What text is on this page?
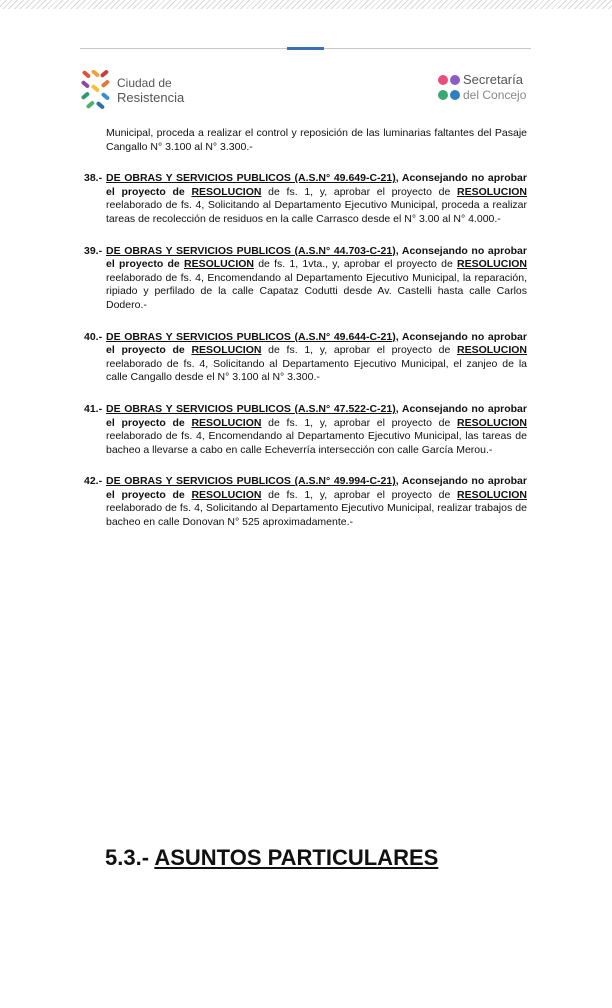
Ciudad de
Resistencia
Secretaría
del Concejo
Municipal, proceda a realizar el control y reposición de las luminarias faltantes del Pasaje Cangallo N° 3.100 al N° 3.300.-
38.- DE OBRAS Y SERVICIOS PUBLICOS (A.S.N° 49.649-C-21), Aconsejando no aprobar el proyecto de RESOLUCION de fs. 1, y, aprobar el proyecto de RESOLUCION reelaborado de fs. 4, Solicitando al Departamento Ejecutivo Municipal, proceda a realizar tareas de recolección de residuos en la calle Carrasco desde el N° 3.00 al N° 4.000.-
39.- DE OBRAS Y SERVICIOS PUBLICOS (A.S.N° 44.703-C-21), Aconsejando no aprobar el proyecto de RESOLUCION de fs. 1, 1vta., y, aprobar el proyecto de RESOLUCION reelaborado de fs. 4, Encomendando al Departamento Ejecutivo Municipal, la reparación, ripiado y perfilado de la calle Capataz Codutti desde Av. Castelli hasta calle Carlos Dodero.-
40.- DE OBRAS Y SERVICIOS PUBLICOS (A.S.N° 49.644-C-21), Aconsejando no aprobar el proyecto de RESOLUCION de fs. 1, y, aprobar el proyecto de RESOLUCION reelaborado de fs. 4, Solicitando al Departamento Ejecutivo Municipal, el zanjeo de la calle Cangallo desde el N° 3.100 al N° 3.300.-
41.- DE OBRAS Y SERVICIOS PUBLICOS (A.S.N° 47.522-C-21), Aconsejando no aprobar el proyecto de RESOLUCION de fs. 1, y, aprobar el proyecto de RESOLUCION reelaborado de fs. 4, Encomendando al Departamento Ejecutivo Municipal, las tareas de bacheo a llevarse a cabo en calle Echeverría intersección con calle García Merou.-
42.- DE OBRAS Y SERVICIOS PUBLICOS (A.S.N° 49.994-C-21), Aconsejando no aprobar el proyecto de RESOLUCION de fs. 1, y, aprobar el proyecto de RESOLUCION reelaborado de fs. 4, Solicitando al Departamento Ejecutivo Municipal, realizar trabajos de bacheo en calle Donovan N° 525 aproximadamente.-
5.3.- ASUNTOS PARTICULARES
